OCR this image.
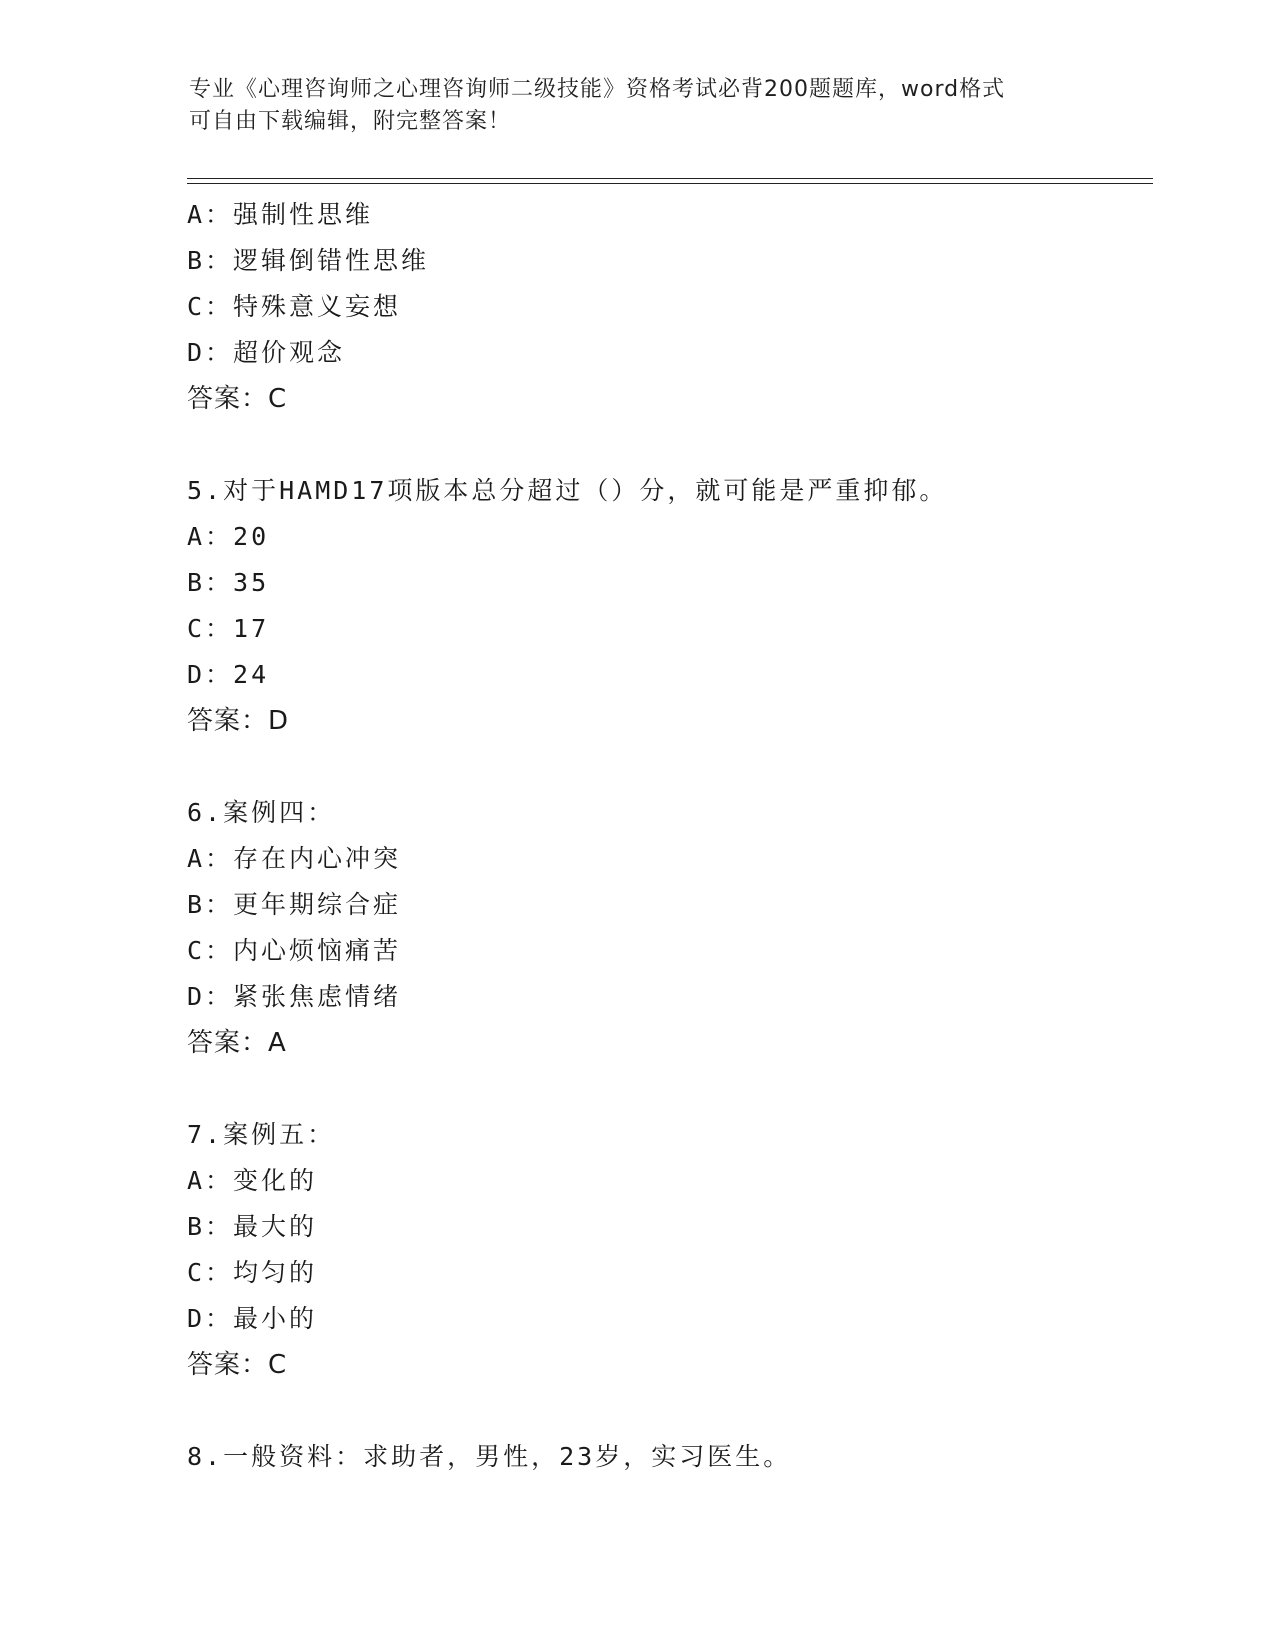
专业《心理咨询师之心理咨询师二级技能》资格考试必背200题题库，word格式
可自由下载编辑，附完整答案！
A：强制性思维
B：逻辑倒错性思维
C：特殊意义妄想
D：超价观念
答案：C
5.对于HAMD17项版本总分超过（）分，就可能是严重抑郁。
A：20
B：35
C：17
D：24
答案：D
6.案例四：
A：存在内心冲突
B：更年期综合症
C：内心烦恼痛苦
D：紧张焦虑情绪
答案：A
7.案例五：
A：变化的
B：最大的
C：均匀的
D：最小的
答案：C
8.一般资料：求助者，男性，23岁，实习医生。
